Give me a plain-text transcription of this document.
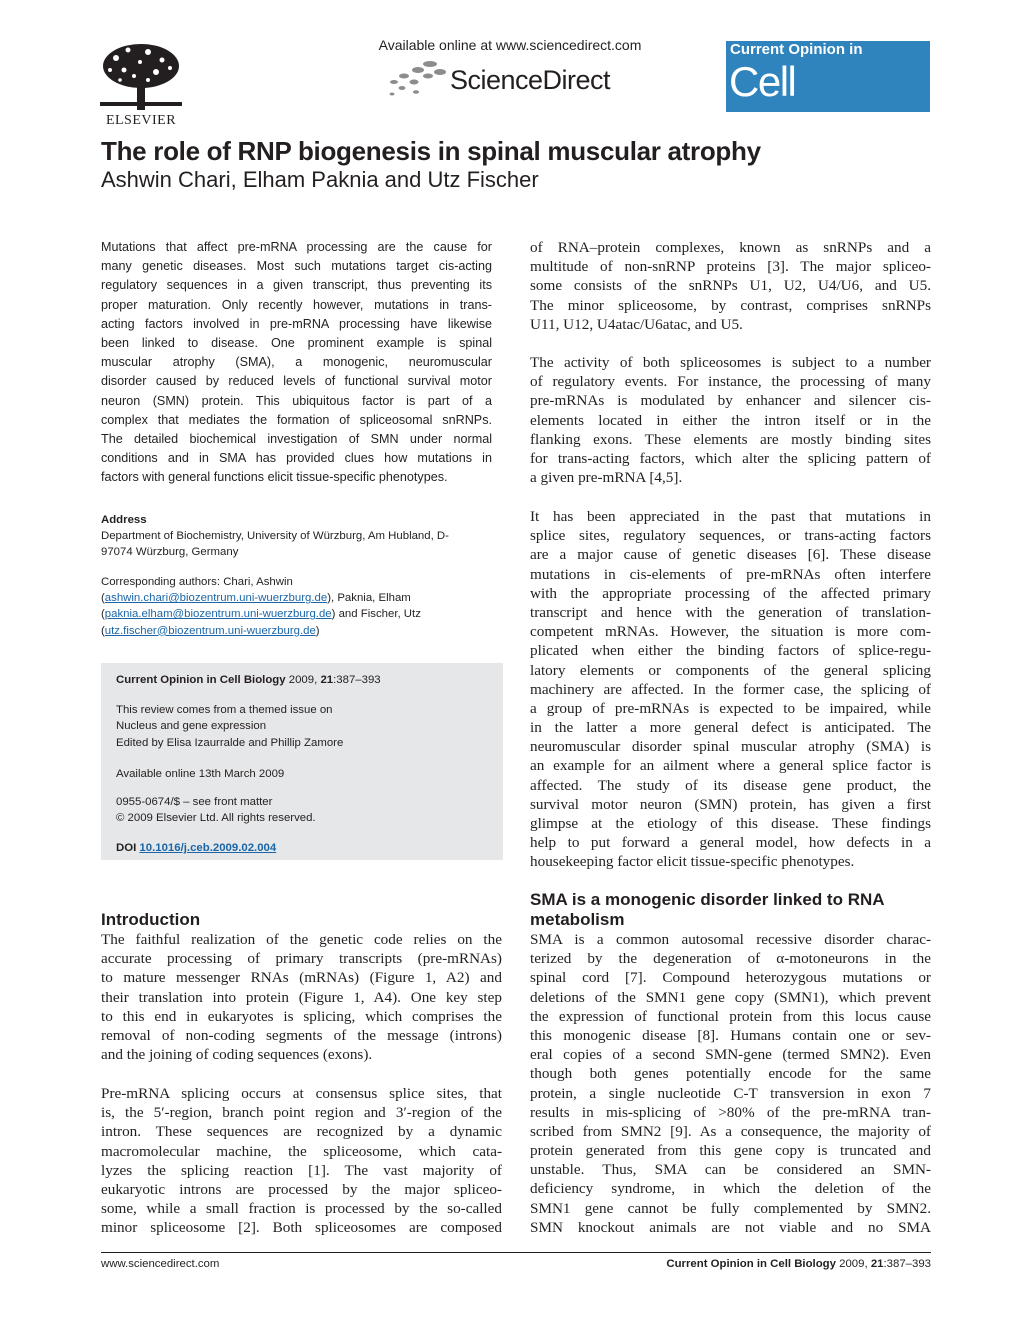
ELSEVIER
Available online at www.sciencedirect.com
ScienceDirect
Current Opinion in
Cell Biology
The role of RNP biogenesis in spinal muscular atrophy
Ashwin Chari, Elham Paknia and Utz Fischer
Mutations that affect pre-mRNA processing are the cause for
many genetic diseases. Most such mutations target cis-acting
regulatory sequences in a given transcript, thus preventing its
proper maturation. Only recently however, mutations in trans-
acting factors involved in pre-mRNA processing have likewise
been linked to disease. One prominent example is spinal
muscular atrophy (SMA), a monogenic, neuromuscular
disorder caused by reduced levels of functional survival motor
neuron (SMN) protein. This ubiquitous factor is part of a
complex that mediates the formation of spliceosomal snRNPs.
The detailed biochemical investigation of SMN under normal
conditions and in SMA has provided clues how mutations in
factors with general functions elicit tissue-specific phenotypes.
Address
Department of Biochemistry, University of Würzburg, Am Hubland, D-
97074 Würzburg, Germany
Corresponding authors: Chari, Ashwin
(ashwin.chari@biozentrum.uni-wuerzburg.de), Paknia, Elham
(paknia.elham@biozentrum.uni-wuerzburg.de) and Fischer, Utz
(utz.fischer@biozentrum.uni-wuerzburg.de)

Current Opinion in Cell Biology 2009, 21:387–393

This review comes from a themed issue on

Nucleus and gene expression

Edited by Elisa Izaurralde and Phillip Zamore

Available online 13th March 2009

0955-0674/$ – see front matter

© 2009 Elsevier Ltd. All rights reserved.

DOI 10.1016/j.ceb.2009.02.004

Introduction
The faithful realization of the genetic code relies on the
accurate processing of primary transcripts (pre-mRNAs)
to mature messenger RNAs (mRNAs) (Figure 1, A2) and
their translation into protein (Figure 1, A4). One key step
to this end in eukaryotes is splicing, which comprises the
removal of non-coding segments of the message (introns)
and the joining of coding sequences (exons).
Pre-mRNA splicing occurs at consensus splice sites, that
is, the 5′-region, branch point region and 3′-region of the
intron. These sequences are recognized by a dynamic
macromolecular machine, the spliceosome, which cata-
lyzes the splicing reaction [1]. The vast majority of
eukaryotic introns are processed by the major spliceo-
some, while a small fraction is processed by the so-called
minor spliceosome [2]. Both spliceosomes are composed
of RNA–protein complexes, known as snRNPs and a
multitude of non-snRNP proteins [3]. The major spliceo-
some consists of the snRNPs U1, U2, U4/U6, and U5.
The minor spliceosome, by contrast, comprises snRNPs
U11, U12, U4atac/U6atac, and U5.
The activity of both spliceosomes is subject to a number
of regulatory events. For instance, the processing of many
pre-mRNAs is modulated by enhancer and silencer cis-
elements located in either the intron itself or in the
flanking exons. These elements are mostly binding sites
for trans-acting factors, which alter the splicing pattern of
a given pre-mRNA [4,5].
It has been appreciated in the past that mutations in
splice sites, regulatory sequences, or trans-acting factors
are a major cause of genetic diseases [6]. These disease
mutations in cis-elements of pre-mRNAs often interfere
with the appropriate processing of the affected primary
transcript and hence with the generation of translation-
competent mRNAs. However, the situation is more com-
plicated when either the binding factors of splice-regu-
latory elements or components of the general splicing
machinery are affected. In the former case, the splicing of
a group of pre-mRNAs is expected to be impaired, while
in the latter a more general defect is anticipated. The
neuromuscular disorder spinal muscular atrophy (SMA) is
an example for an ailment where a general splice factor is
affected. The study of its disease gene product, the
survival motor neuron (SMN) protein, has given a first
glimpse at the etiology of this disease. These findings
help to put forward a general model, how defects in a
housekeeping factor elicit tissue-specific phenotypes.
SMA is a monogenic disorder linked to RNA
metabolism
SMA is a common autosomal recessive disorder charac-
terized by the degeneration of α-motoneurons in the
spinal cord [7]. Compound heterozygous mutations or
deletions of the SMN1 gene copy (SMN1), which prevent
the expression of functional protein from this locus cause
this monogenic disease [8]. Humans contain one or sev-
eral copies of a second SMN-gene (termed SMN2). Even
though both genes potentially encode for the same
protein, a single nucleotide C-T transversion in exon 7
results in mis-splicing of >80% of the pre-mRNA tran-
scribed from SMN2 [9]. As a consequence, the majority of
protein generated from this gene copy is truncated and
unstable. Thus, SMA can be considered an SMN-
deficiency syndrome, in which the deletion of the
SMN1 gene cannot be fully complemented by SMN2.
SMN knockout animals are not viable and no SMA
www.sciencedirect.com	Current Opinion in Cell Biology 2009, 21:387–393
